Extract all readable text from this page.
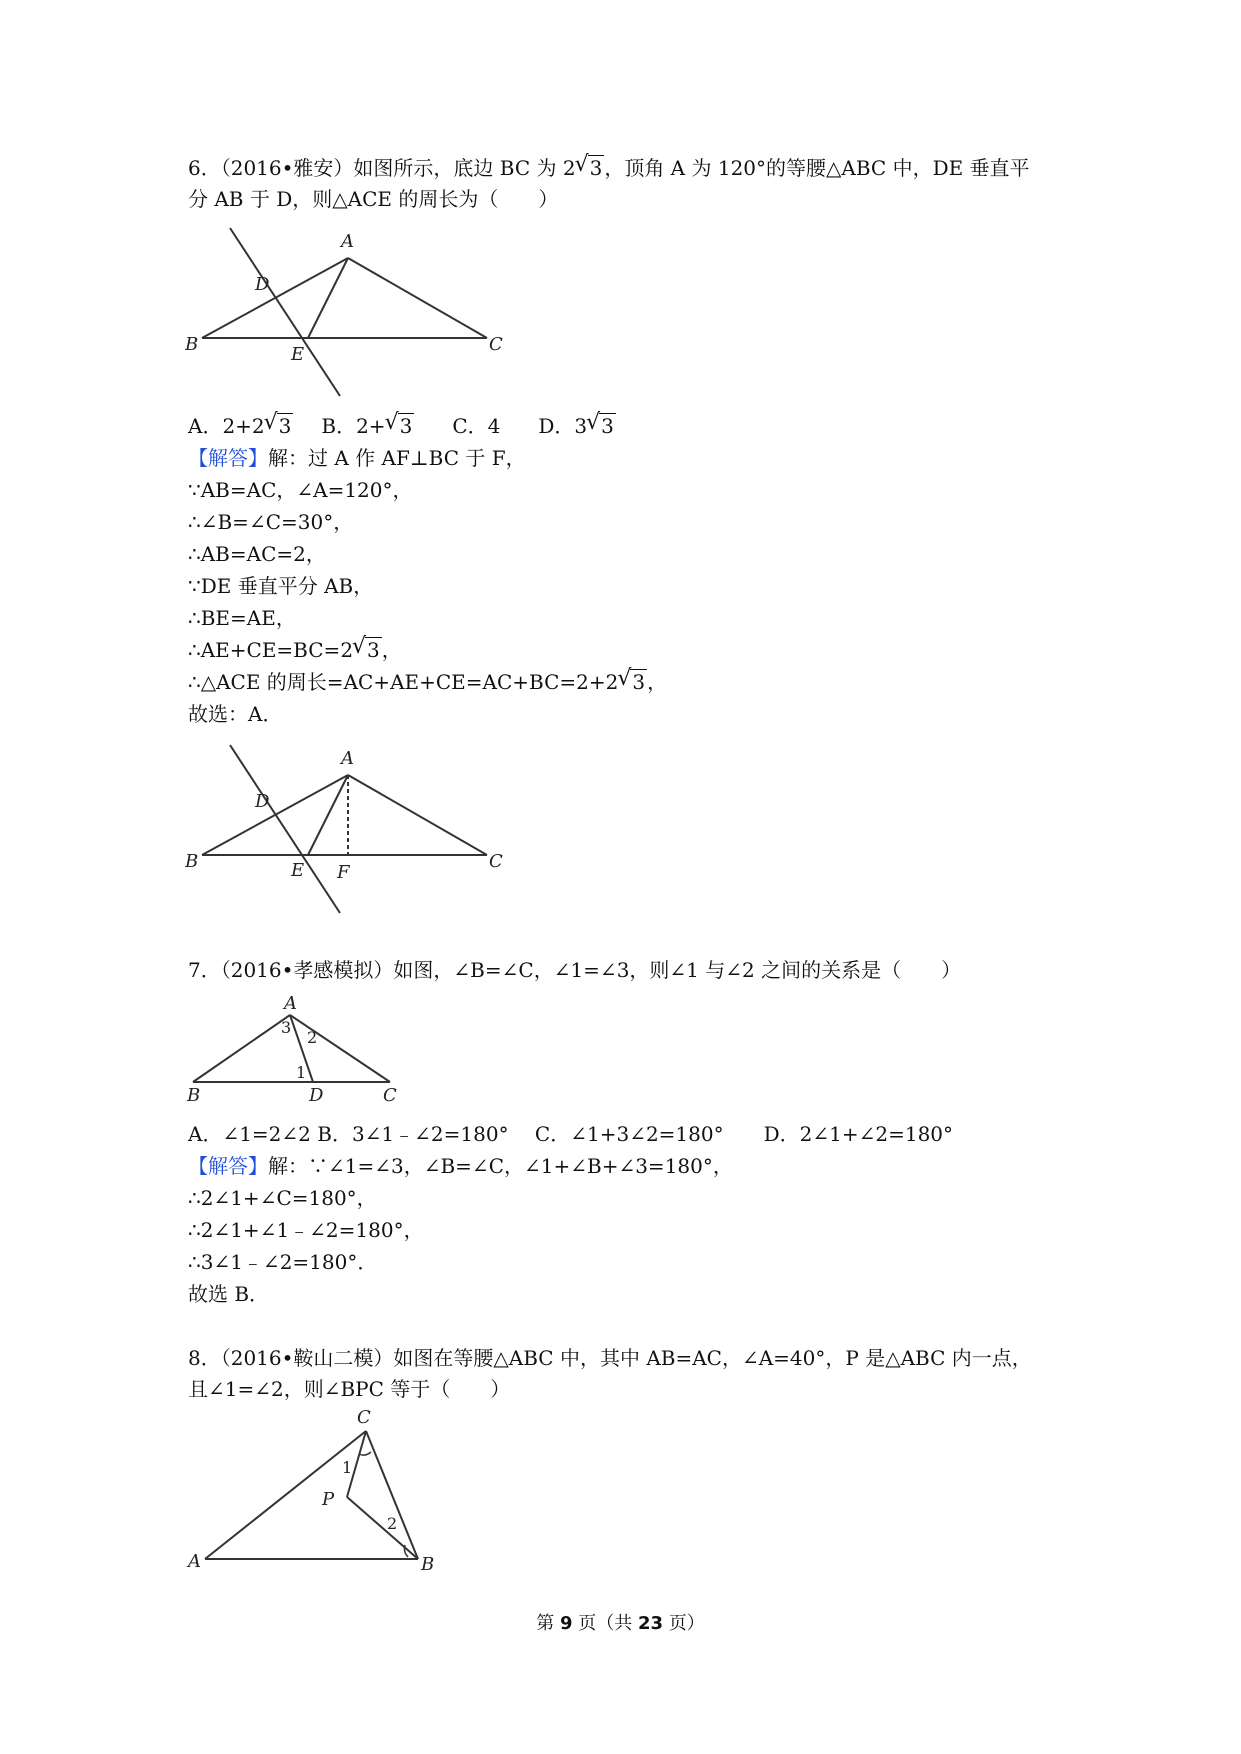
6．（2016•雅安）如图所示，底边 BC 为 2 √ 3 ，顶角 A 为 120°的等腰△ABC 中，DE 垂直平
分 AB 于 D，则△ACE 的周长为（　　）
A
D
B	E	C
A．2+2 √ 3 B．2+ √ 3 C．4 D．3 √ 3
【解答】解：过 A 作 AF⊥BC 于 F，
∵AB=AC，∠A=120°，
∴∠B=∠C=30°，
∴AB=AC=2，
∵DE 垂直平分 AB，
∴BE=AE，
∴AE+CE=BC=2 √ 3 ，
∴△ACE 的周长=AC+AE+CE=AC+BC=2+2 √ 3 ，
故选：A．
A
D
B	E F
C
7．（2016•孝感模拟）如图，∠B=∠C，∠1=∠3，则∠1 与∠2 之间的关系是（　　）
A
3
2
1
B	D	C
A．∠1=2∠2 B．3∠1﹣∠2=180°　 C．∠1+3∠2=180°　　D．2∠1+∠2=180°
【解答】解：∵∠1=∠3，∠B=∠C，∠1+∠B+∠3=180°，
∴2∠1+∠C=180°，
∴2∠1+∠1﹣∠2=180°，
∴3∠1﹣∠2=180°．
故选 B．
8．（2016•鞍山二模）如图在等腰△ABC 中，其中 AB=AC，∠A=40°，P 是△ABC 内一点，
且∠1=∠2，则∠BPC 等于（　　）
C
1
P
2
A	B
第 9 页（共 23 页）
